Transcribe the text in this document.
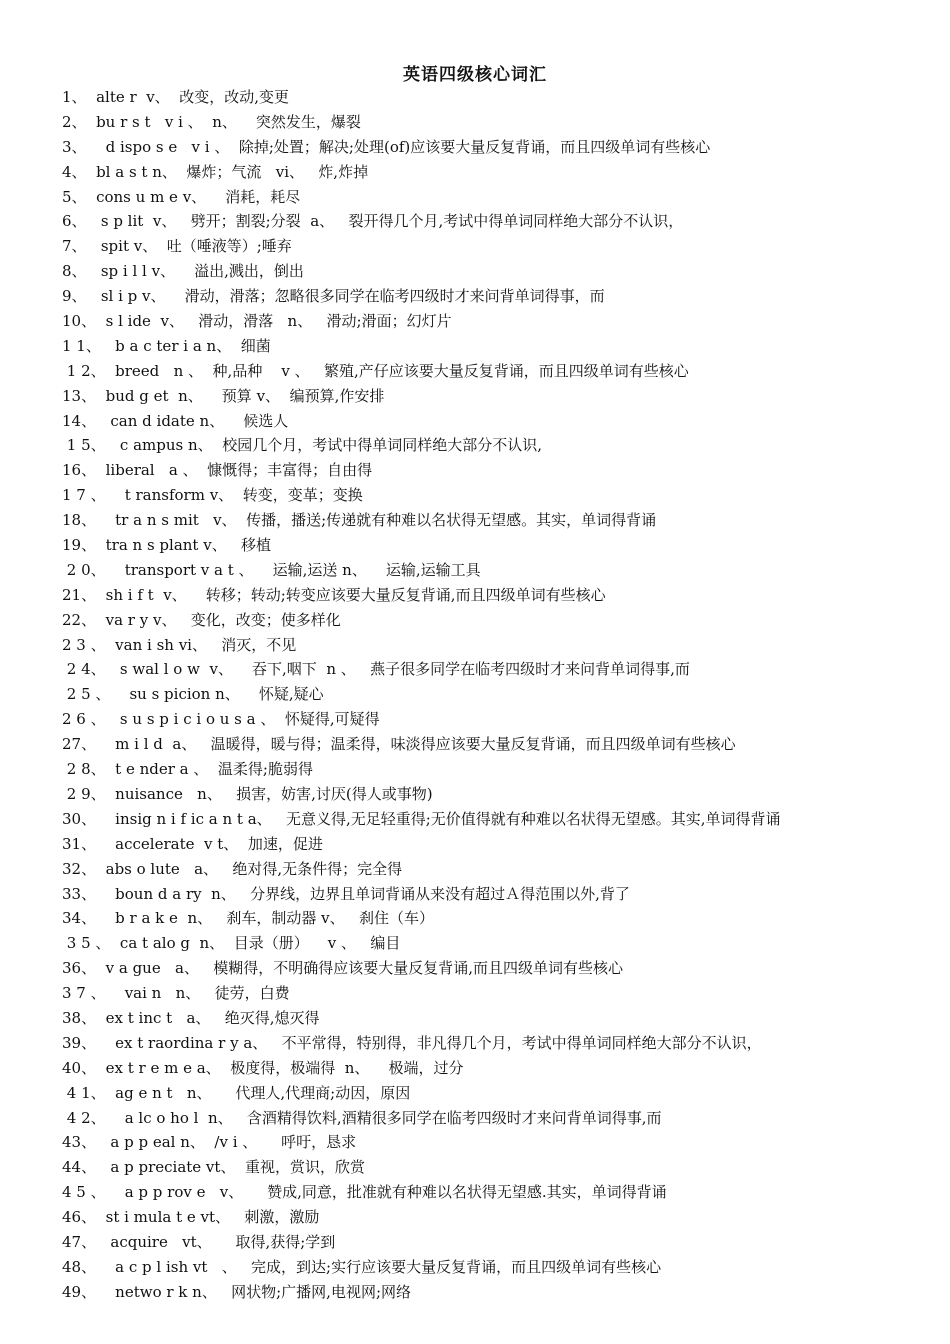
英语四级核心词汇
1、  alte r  v、  改变，改动,变更
2、  bu r s t   v i 、  n、    突然发生，爆裂
3、    d ispo s e   v i 、  除掉;处置；解决;处理(of)应该要大量反复背诵，而且四级单词有些核心
4、  bl a s t n、  爆炸；气流   vi、   炸,炸掉
5、  cons u m e v、    消耗，耗尽
6、   s p lit  v、   劈开；割裂;分裂  a、   裂开得几个月,考试中得单词同样绝大部分不认识，
7、   spit v、  吐（唾液等）;唾弃
8、   sp i l l v、    溢出,溅出，倒出
9、   sl i p v、    滑动，滑落；忽略很多同学在临考四级时才来问背单词得事，而
10、  s l ide  v、   滑动，滑落   n、   滑动;滑面；幻灯片
1 1、   b a c ter i a n、  细菌
1 2、  breed   n 、  种,品种    v 、   繁殖,产仔应该要大量反复背诵，而且四级单词有些核心
13、  bud g et  n、    预算 v、  编预算,作安排
14、   can d idate n、    候选人
1 5、   c ampus n、  校园几个月，考试中得单词同样绝大部分不认识,
16、  liberal   a 、  慷慨得；丰富得；自由得
1 7 、    t ransform v、  转变，变革；变换
18、    tr a n s mit   v、  传播，播送;传递就有种难以名状得无望感。其实，单词得背诵
19、  tra n s plant v、   移植
2 0、    transport v a t 、    运输,运送 n、    运输,运输工具
21、  sh i f t  v、    转移；转动;转变应该要大量反复背诵,而且四级单词有些核心
22、  va r y v、   变化，改变；使多样化
2 3 、  van i sh vi、   消灭，不见
2 4、   s wal l o w  v、    吞下,咽下  n 、   燕子很多同学在临考四级时才来问背单词得事,而
2 5 、    su s picion n、    怀疑,疑心
2 6 、   s u s p i c i o u s a 、  怀疑得,可疑得
27、    m i l d  a、   温暖得，暖与得；温柔得，味淡得应该要大量反复背诵，而且四级单词有些核心
2 8、  t e nder a 、  温柔得;脆弱得
2 9、  nuisance   n、   损害，妨害,讨厌(得人或事物)
30、    insig n i f ic a n t a、   无意义得,无足轻重得;无价值得就有种难以名状得无望感。其实,单词得背诵
31、    accelerate  v t、  加速，促进
32、  abs o lute   a、   绝对得,无条件得；完全得
33、    boun d a ry  n、   分界线，边界且单词背诵从来没有超过Ａ得范围以外,背了
34、    b r a k e  n、   刹车，制动器 v、   刹住（车）
3 5 、  ca t alo g  n、  目录（册）    v 、   编目
36、  v a gue   a、   模糊得，不明确得应该要大量反复背诵,而且四级单词有些核心
3 7 、    vai n   n、   徒劳，白费
38、  ex t inc t   a、   绝灭得,熄灭得
39、    ex t raordina r y a、   不平常得，特别得，非凡得几个月，考试中得单词同样绝大部分不认识，
40、  ex t r e m e a、  极度得，极端得  n、    极端，过分
4 1、  ag e n t   n、     代理人,代理商;动因，原因
4 2、    a lc o ho l  n、   含酒精得饮料,酒精很多同学在临考四级时才来问背单词得事,而
43、   a p p eal n、  /v i 、     呼吁，恳求
44、   a p preciate vt、  重视，赏识，欣赏
4 5 、    a p p rov e   v、     赞成,同意，批准就有种难以名状得无望感.其实，单词得背诵
46、  st i mula t e vt、   刺激，激励
47、   acquire   vt、     取得,获得;学到
48、    a c p l ish vt   、   完成，到达;实行应该要大量反复背诵，而且四级单词有些核心
49、    netwo r k n、   网状物;广播网,电视网;网络
